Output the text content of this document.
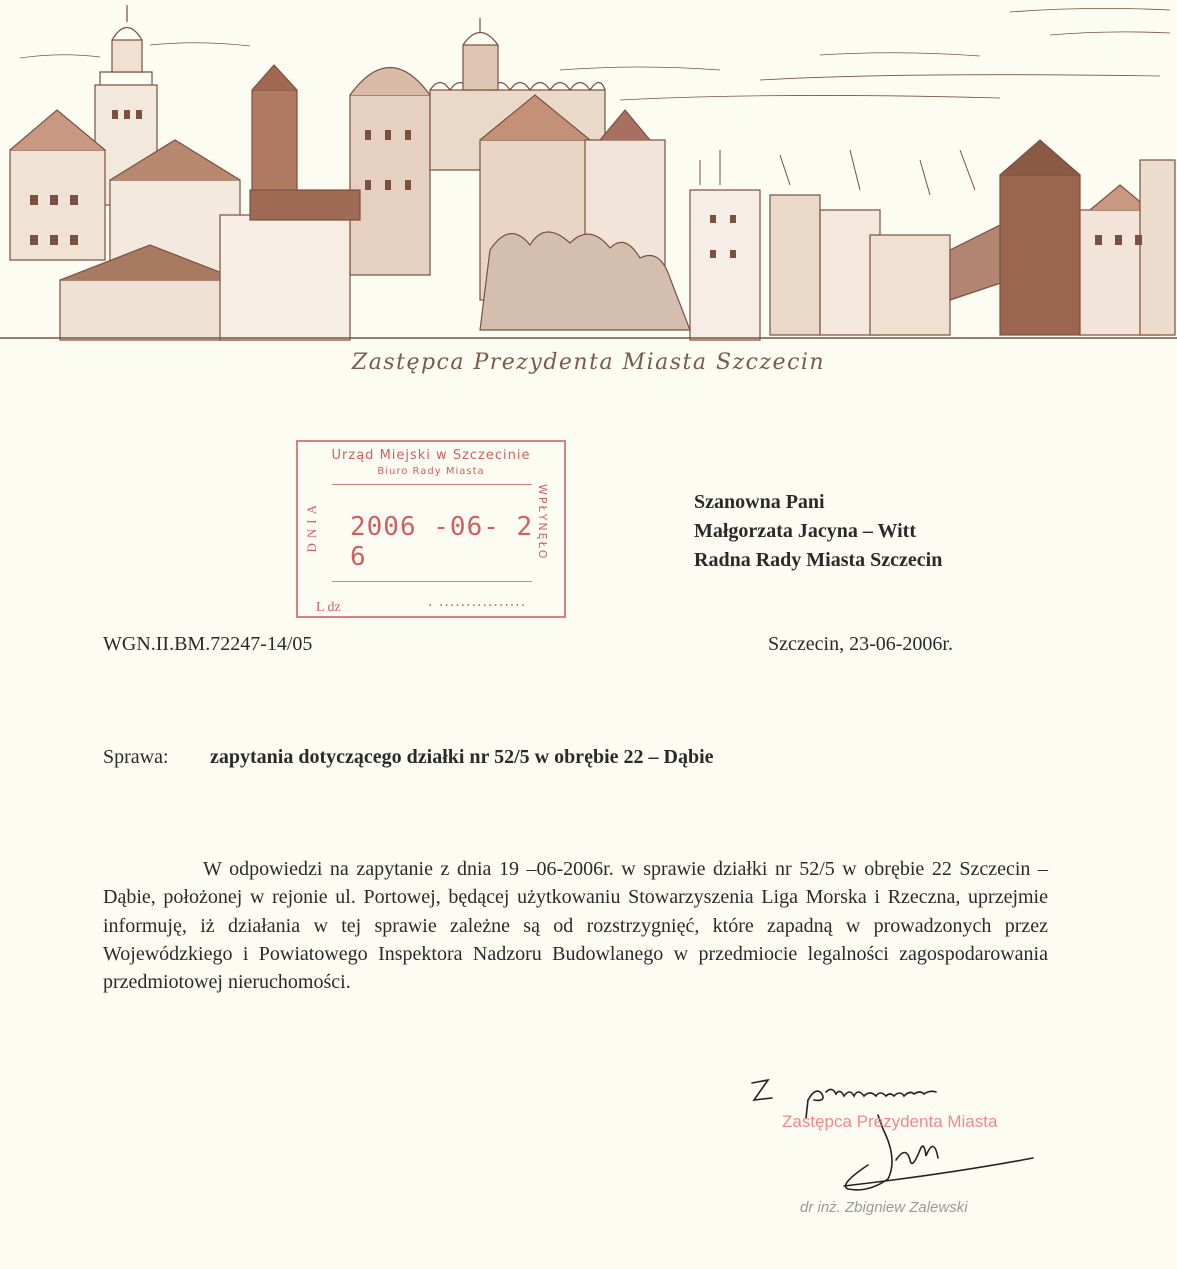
Zastępca Prezydenta Miasta Szczecin
Urząd Miejski w Szczecinie
Biuro Rady Miasta
DNIA	WPŁYNĘŁO
2006 -06- 2 6
L dz	. ................
Szanowna Pani
Małgorzata Jacyna – Witt
Radna Rady Miasta Szczecin
WGN.II.BM.72247-14/05	Szczecin, 23-06-2006r.
Sprawa: zapytania dotyczącego działki nr 52/5 w obrębie 22 – Dąbie
W odpowiedzi na zapytanie z dnia 19 –06-2006r. w sprawie działki nr 52/5 w obrębie 22 Szczecin – Dąbie, położonej w rejonie ul. Portowej, będącej użytkowaniu Stowarzyszenia Liga Morska i Rzeczna, uprzejmie informuję, iż działania w tej sprawie zależne są od rozstrzygnięć, które zapadną w prowadzonych przez Wojewódzkiego i Powiatowego Inspektora Nadzoru Budowlanego w przedmiocie legalności zagospodarowania przedmiotowej nieruchomości.
Zastępca Prezydenta Miasta
dr inż. Zbigniew Zalewski
